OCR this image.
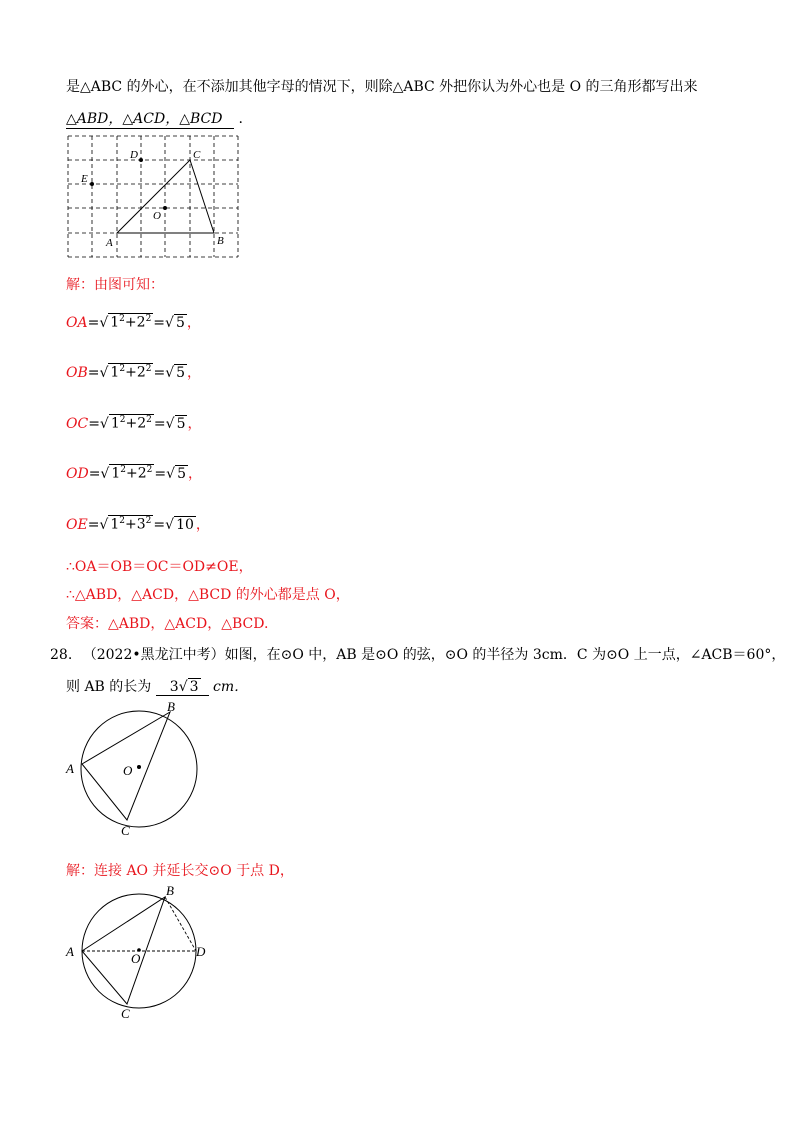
是△ABC 的外心，在不添加其他字母的情况下，则除△ABC 外把你认为外心也是 O 的三角形都写出来
△ABD，△ACD，△BCD .
A	B
C
D
E
O
解：由图可知：
OA=√ $1^2+2^2$ =√ 5 ，
OB=√ $1^2+2^2$ =√ 5 ，
OC=√ $1^2+2^2$ =√ 5 ，
OD=√ $1^2+2^2$ =√ 5 ，
OE=√ $1^2+3^2$ =√ 10 ，
∴OA＝OB＝OC＝OD≠OE，
∴△ABD，△ACD，△BCD 的外心都是点 O，
答案：△ABD，△ACD，△BCD.
28. （2022•黑龙江中考）如图，在⊙O 中，AB 是⊙O 的弦，⊙O 的半径为 3cm．C 为⊙O 上一点，∠ACB＝60°，
则 AB 的长为 3√ 3 cm．
A
B
C
O
解：连接 AO 并延长交⊙O 于点 D，
A
B
C
D
O
